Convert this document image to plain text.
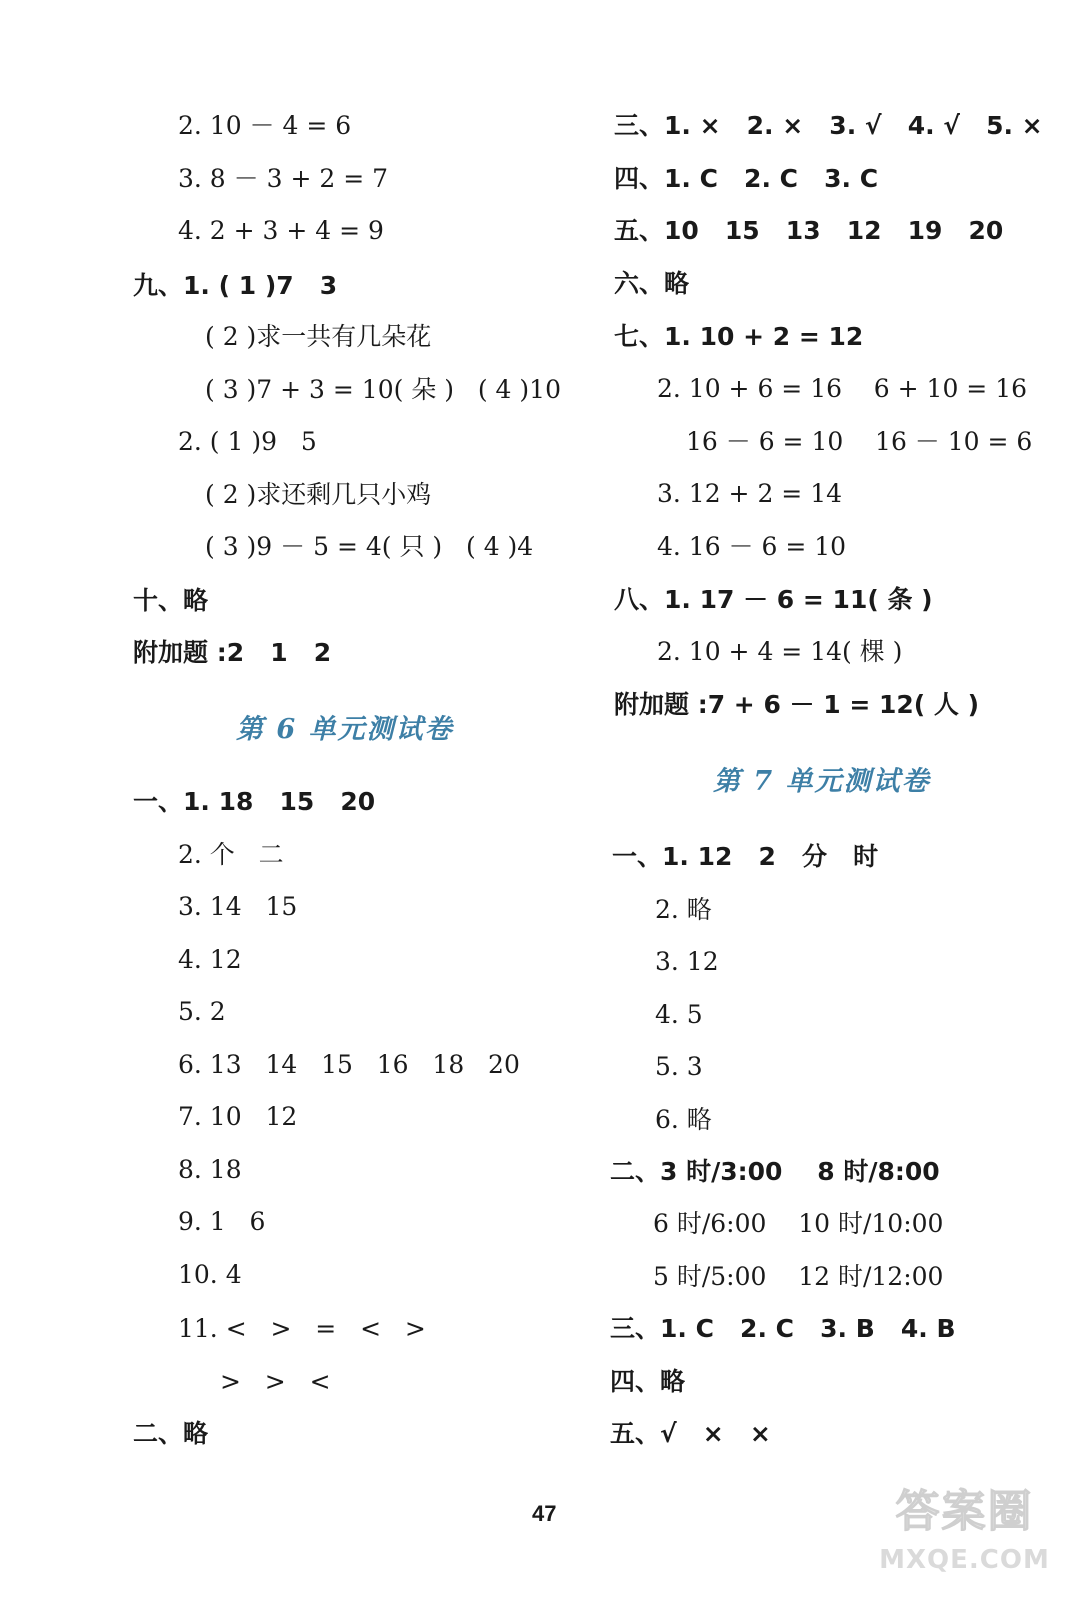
2. 10 － 4 = 6
3. 8 － 3 + 2 = 7
4. 2 + 3 + 4 = 9
九、1. ( 1 )7   3
( 2 )求一共有几朵花
( 3 )7 + 3 = 10( 朵 )   ( 4 )10
2. ( 1 )9   5
( 2 )求还剩几只小鸡
( 3 )9 － 5 = 4( 只 )   ( 4 )4
十、略
附加题 :2   1   2
第 6 单元测试卷
一、1. 18   15   20
2. 个   二
3. 14   15
4. 12
5. 2
6. 13   14   15   16   18   20
7. 10   12
8. 18
9. 1   6
10. 4
11. <   >   =   <   >
>   >   <
二、略
三、1. ×   2. ×   3. √   4. √   5. ×
四、1. C   2. C   3. C
五、10   15   13   12   19   20
六、略
七、1. 10 + 2 = 12
2. 10 + 6 = 16    6 + 10 = 16
16 － 6 = 10    16 － 10 = 6
3. 12 + 2 = 14
4. 16 － 6 = 10
八、1. 17 － 6 = 11( 条 )
2. 10 + 4 = 14( 棵 )
附加题 :7 + 6 － 1 = 12( 人 )
第 7 单元测试卷
一、1. 12   2   分   时
2. 略
3. 12
4. 5
5. 3
6. 略
二、3 时/3:00    8 时/8:00
6 时/6:00    10 时/10:00
5 时/5:00    12 时/12:00
三、1. C   2. C   3. B   4. B
四、略
五、√   ×   ×
47	答案圈
MXQE.COM
